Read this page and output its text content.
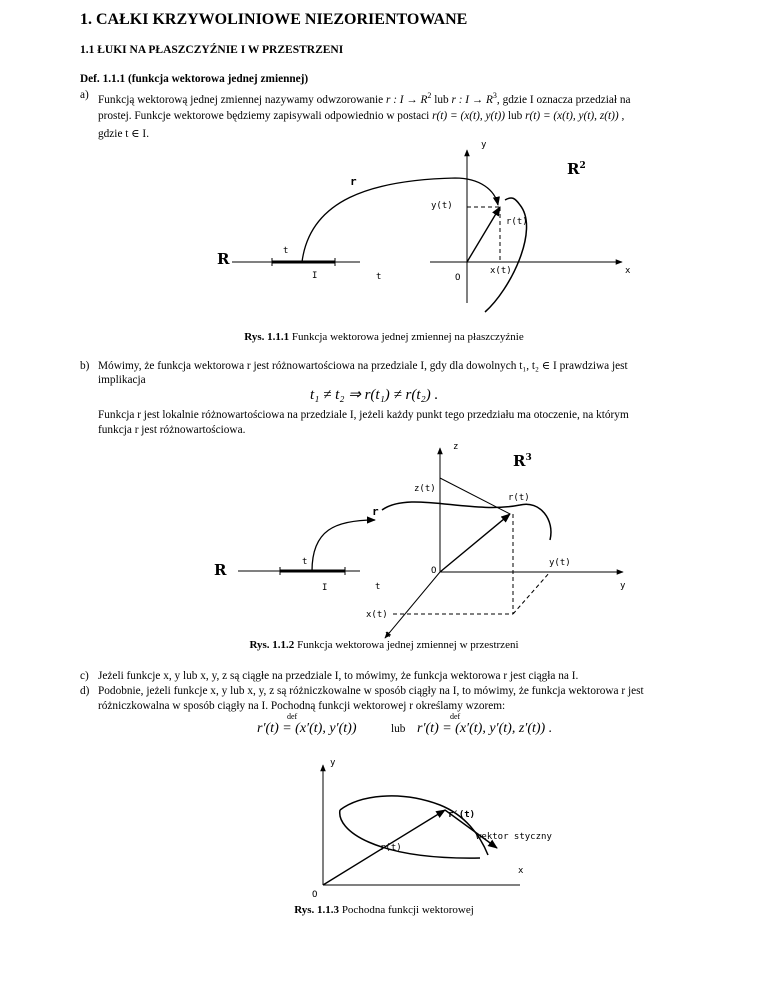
1. CAŁKI KRZYWOLINIOWE NIEZORIENTOWANE
1.1 ŁUKI NA PŁASZCZYŹNIE I W PRZESTRZENI
Def. 1.1.1 (funkcja wektorowa jednej zmiennej)
a) Funkcją wektorową jednej zmiennej nazywamy odwzorowanie r : $I \to R^2$ lub r : $I \to R^3$, gdzie I oznacza przedział na
prostej. Funkcje wektorowe będziemy zapisywali odpowiednio w postaci r(t) = (x(t), y(t)) lub r(t) = (x(t), y(t), z(t)) ,
gdzie t ∈ I.
y
x
$R^2$
r
r(t)
y(t)
x(t)
O
R	t
I	t
Rys. 1.1.1 Funkcja wektorowa jednej zmiennej na płaszczyźnie
b) Mówimy, że funkcja wektorowa r jest różnowartościowa na przedziale I, gdy dla dowolnych t₁, t₂ ∈ I prawdziwa jest
implikacja
t₁ ≠ t₂ ⇒ r(t₁) ≠ r(t₂) .
Funkcja r jest lokalnie różnowartościowa na przedziale I, jeżeli każdy punkt tego przedziału ma otoczenie, na którym
funkcja r jest różnowartościowa.
z
$R^3$
z(t)
r(t)
r
y(t)
O
y
R	t
I	t
x(t)
x
Rys. 1.1.2 Funkcja wektorowa jednej zmiennej w przestrzeni
c) Jeżeli funkcje x, y lub x, y, z są ciągłe na przedziale I, to mówimy, że funkcja wektorowa r jest ciągła na I.
d) Podobnie, jeżeli funkcje x, y lub x, y, z są różniczkowalne w sposób ciągły na I, to mówimy, że funkcja wektorowa r jest
różniczkowalna w sposób ciągły na I. Pochodną funkcji wektorowej r określamy wzorem:
def
r′(t) = (x′(t), y′(t))	lub
def
r′(t) = (x′(t), y′(t), z′(t)) .
y
r′(t)
wektor styczny
r(t)
x
O
Rys. 1.1.3 Pochodna funkcji wektorowej
